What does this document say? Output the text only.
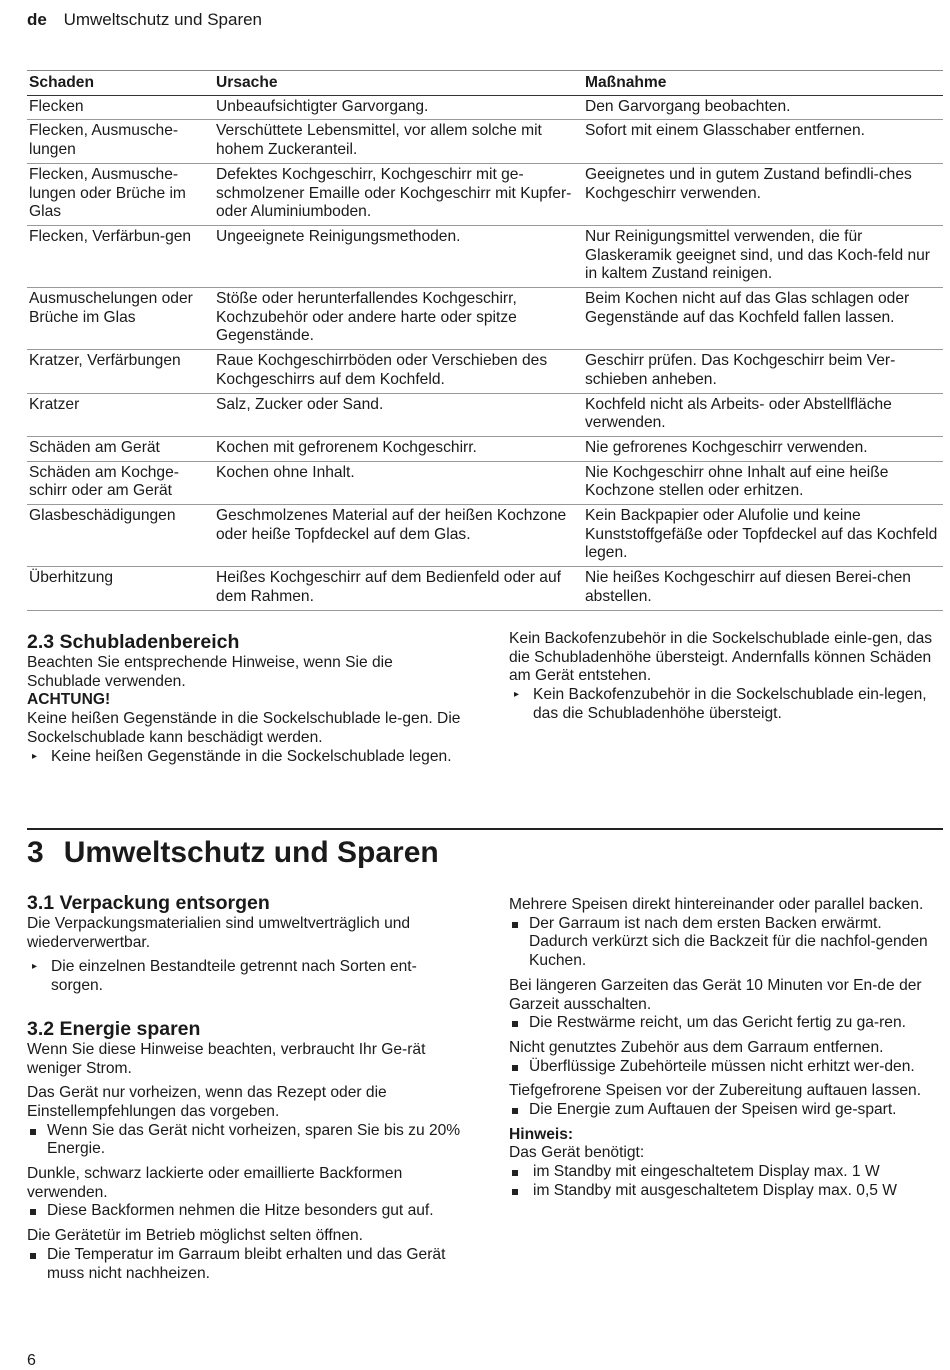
de Umweltschutz und Sparen
Schaden	Ursache	Maßnahme
Flecken	Unbeaufsichtigter Garvorgang.	Den Garvorgang beobachten.
Flecken, Ausmusche-lungen	Verschüttete Lebensmittel, vor allem solche mit hohem Zuckeranteil.	Sofort mit einem Glasschaber entfernen.
Flecken, Ausmusche-lungen oder Brüche im Glas	Defektes Kochgeschirr, Kochgeschirr mit ge-schmolzener Emaille oder Kochgeschirr mit Kupfer- oder Aluminiumboden.	Geeignetes und in gutem Zustand befindli-ches Kochgeschirr verwenden.
Flecken, Verfärbun-gen	Ungeeignete Reinigungsmethoden.	Nur Reinigungsmittel verwenden, die für Glaskeramik geeignet sind, und das Koch-feld nur in kaltem Zustand reinigen.
Ausmuschelungen oder Brüche im Glas	Stöße oder herunterfallendes Kochgeschirr, Kochzubehör oder andere harte oder spitze Gegenstände.	Beim Kochen nicht auf das Glas schlagen oder Gegenstände auf das Kochfeld fallen lassen.
Kratzer, Verfärbungen	Raue Kochgeschirrböden oder Verschieben des Kochgeschirrs auf dem Kochfeld.	Geschirr prüfen. Das Kochgeschirr beim Ver-schieben anheben.
Kratzer	Salz, Zucker oder Sand.	Kochfeld nicht als Arbeits- oder Abstellfläche verwenden.
Schäden am Gerät	Kochen mit gefrorenem Kochgeschirr.	Nie gefrorenes Kochgeschirr verwenden.
Schäden am Kochge-schirr oder am Gerät	Kochen ohne Inhalt.	Nie Kochgeschirr ohne Inhalt auf eine heiße Kochzone stellen oder erhitzen.
Glasbeschädigungen	Geschmolzenes Material auf der heißen Kochzone oder heiße Topfdeckel auf dem Glas.	Kein Backpapier oder Alufolie und keine Kunststoffgefäße oder Topfdeckel auf das Kochfeld legen.
Überhitzung	Heißes Kochgeschirr auf dem Bedienfeld oder auf dem Rahmen.	Nie heißes Kochgeschirr auf diesen Berei-chen abstellen.

2.3 Schubladenbereich

Beachten Sie entsprechende Hinweise, wenn Sie die Schublade verwenden.

ACHTUNG!

Keine heißen Gegenstände in die Sockelschublade le-gen. Die Sockelschublade kann beschädigt werden.

▸ Keine heißen Gegenstände in die Sockelschublade legen.

Kein Backofenzubehör in die Sockelschublade einle-gen, das die Schubladenhöhe übersteigt. Andernfalls können Schäden am Gerät entstehen.

▸ Kein Backofenzubehör in die Sockelschublade ein-legen, das die Schubladenhöhe übersteigt.

3 Umweltschutz und Sparen

3.1 Verpackung entsorgen

Die Verpackungsmaterialien sind umweltverträglich und wiederverwertbar.

▸ Die einzelnen Bestandteile getrennt nach Sorten ent-sorgen.

3.2 Energie sparen

Wenn Sie diese Hinweise beachten, verbraucht Ihr Ge-rät weniger Strom.

Das Gerät nur vorheizen, wenn das Rezept oder die Einstellempfehlungen das vorgeben.

Wenn Sie das Gerät nicht vorheizen, sparen Sie bis zu 20% Energie.

Dunkle, schwarz lackierte oder emaillierte Backformen verwenden.

Diese Backformen nehmen die Hitze besonders gut auf.

Die Gerätetür im Betrieb möglichst selten öffnen.

Die Temperatur im Garraum bleibt erhalten und das Gerät muss nicht nachheizen.

Mehrere Speisen direkt hintereinander oder parallel backen.

Der Garraum ist nach dem ersten Backen erwärmt. Dadurch verkürzt sich die Backzeit für die nachfol-genden Kuchen.

Bei längeren Garzeiten das Gerät 10 Minuten vor En-de der Garzeit ausschalten.

Die Restwärme reicht, um das Gericht fertig zu ga-ren.

Nicht genutztes Zubehör aus dem Garraum entfernen.

Überflüssige Zubehörteile müssen nicht erhitzt wer-den.

Tiefgefrorene Speisen vor der Zubereitung auftauen lassen.

Die Energie zum Auftauen der Speisen wird ge-spart.

Hinweis:

Das Gerät benötigt:

im Standby mit eingeschaltetem Display max. 1 W

im Standby mit ausgeschaltetem Display max. 0,5 W

6
